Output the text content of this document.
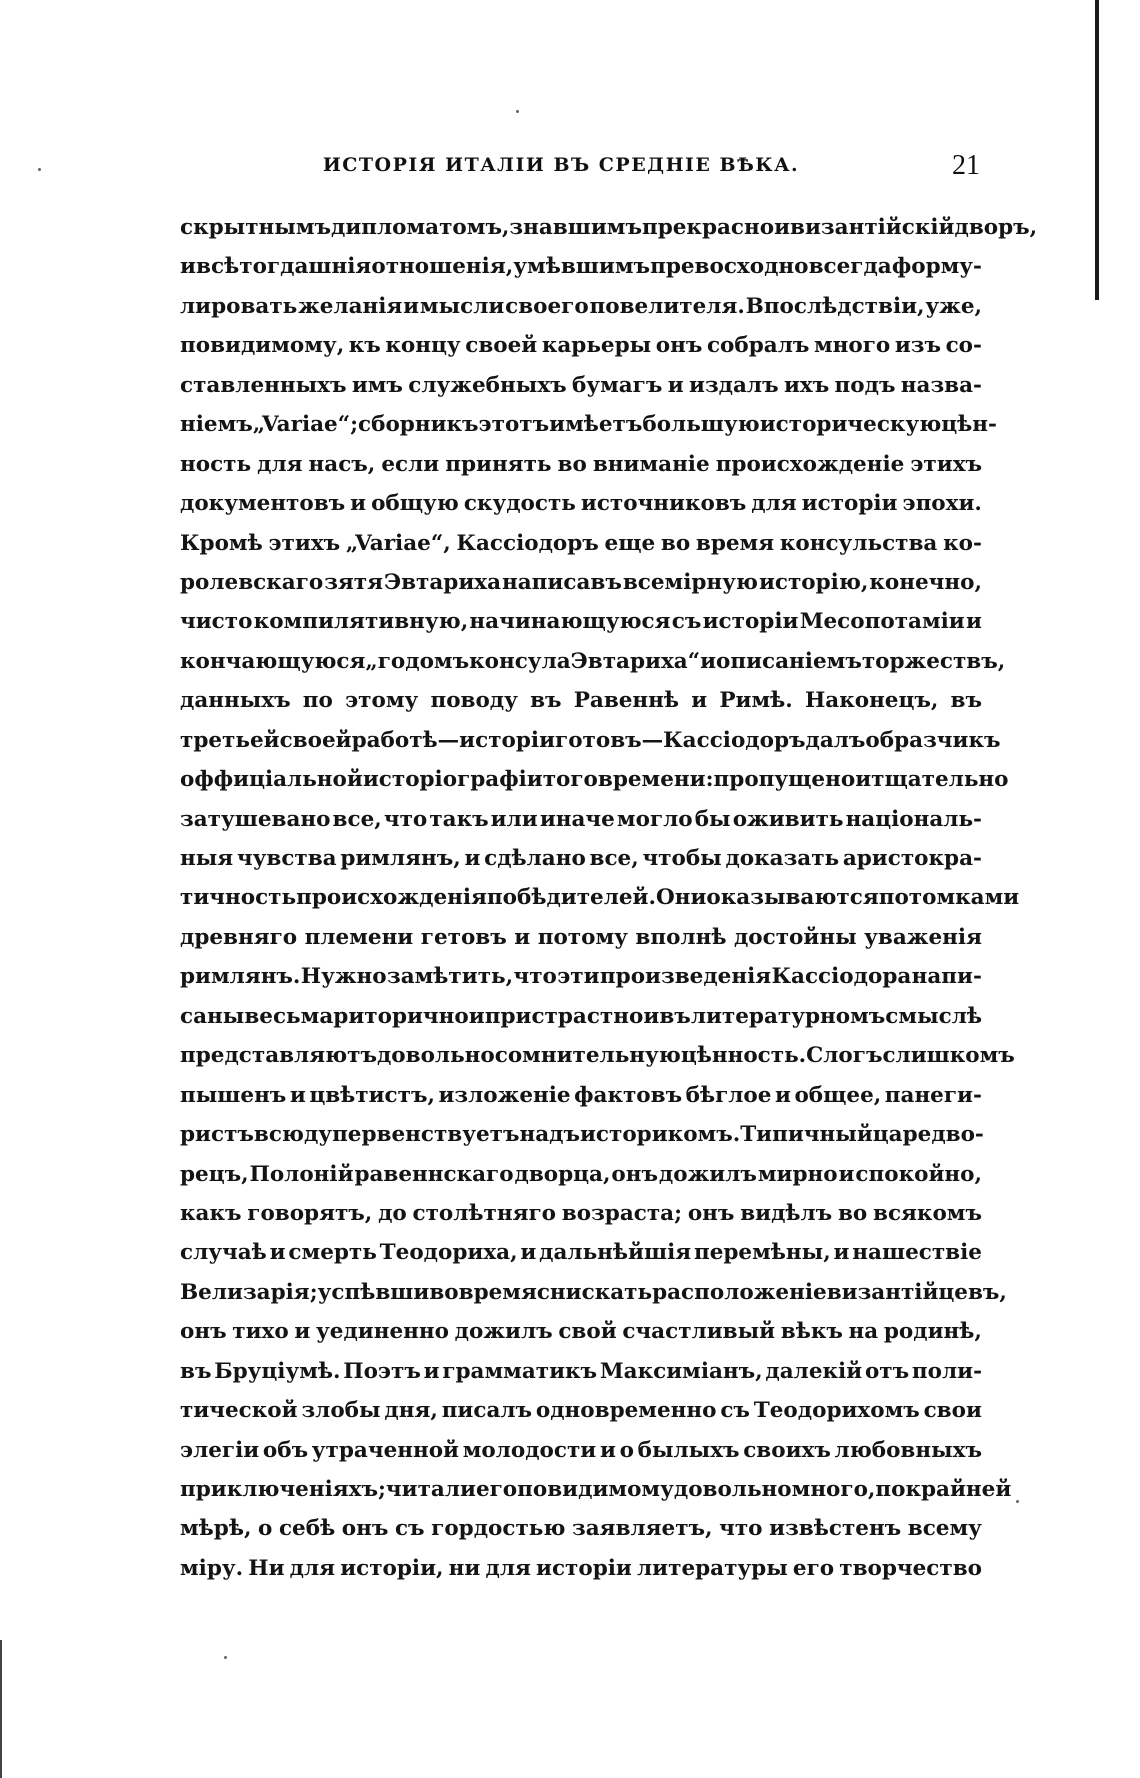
ИСТОРІЯ ИТАЛІИ ВЪ СРЕДНІЕ ВѢКА.	21
скрытнымъ дипломатомъ, знавшимъ прекрасно и византійскій дворъ,
и всѣ тогдашнія отношенія, умѣвшимъ превосходно всегда форму-
лировать желанія и мысли своего повелителя. Впослѣдствіи, уже,
повидимому, къ концу своей карьеры онъ собралъ много изъ со-
ставленныхъ имъ служебныхъ бумагъ и издалъ ихъ подъ назва-
ніемъ „Variae“; сборникъ этотъ имѣетъ большую историческую цѣн-
ность для насъ, если принять во вниманіе происхожденіе этихъ
документовъ и общую скудость источниковъ для исторіи эпохи.
Кромѣ этихъ „Variae“, Кассіодоръ еще во время консульства ко-
ролевскаго зятя Эвтариха написавъ всемірную исторію, конечно,
чисто компилятивную, начинающуюся съ исторіи Месопотаміи и
кончающуюся „годомъ консула Эвтариха“ и описаніемъ торжествъ,
данныхъ по этому поводу въ Равеннѣ и Римѣ. Наконецъ, въ
третьей своей работѣ—исторіи готовъ—Кассіодоръ далъ образчикъ
оффиціальной исторіографіи того времени: пропущено и тщательно
затушевано все, что такъ или иначе могло бы оживить національ-
ныя чувства римлянъ, и сдѣлано все, чтобы доказать аристокра-
тичность происхожденія побѣдителей. Они оказываются потомками
древняго племени гетовъ и потому вполнѣ достойны уваженія
римлянъ. Нужно замѣтить, что эти произведенія Кассіодора напи-
саны весьма риторично и пристрастно и въ литературномъ смыслѣ
представляютъ довольно сомнительную цѣнность. Слогъ слишкомъ
пышенъ и цвѣтистъ, изложеніе фактовъ бѣглое и общее, панеги-
ристъ всюду первенствуетъ надъ историкомъ. Типичный царедво-
рецъ, Полоній равеннскаго дворца, онъ дожилъ мирно и спокойно,
какъ говорятъ, до столѣтняго возраста; онъ видѣлъ во всякомъ
случаѣ и смерть Теодориха, и дальнѣйшія перемѣны, и нашествіе
Велизарія; успѣвши во время снискать расположеніе византійцевъ,
онъ тихо и уединенно дожилъ свой счастливый вѣкъ на родинѣ,
въ Бруціумѣ. Поэтъ и грамматикъ Максиміанъ, далекій отъ поли-
тической злобы дня, писалъ одновременно съ Теодорихомъ свои
элегіи объ утраченной молодости и о былыхъ своихъ любовныхъ
приключеніяхъ; читали его повидимому довольно много, по крайней
мѣрѣ, о себѣ онъ съ гордостью заявляетъ, что извѣстенъ всему
міру. Ни для исторіи, ни для исторіи литературы его творчество
